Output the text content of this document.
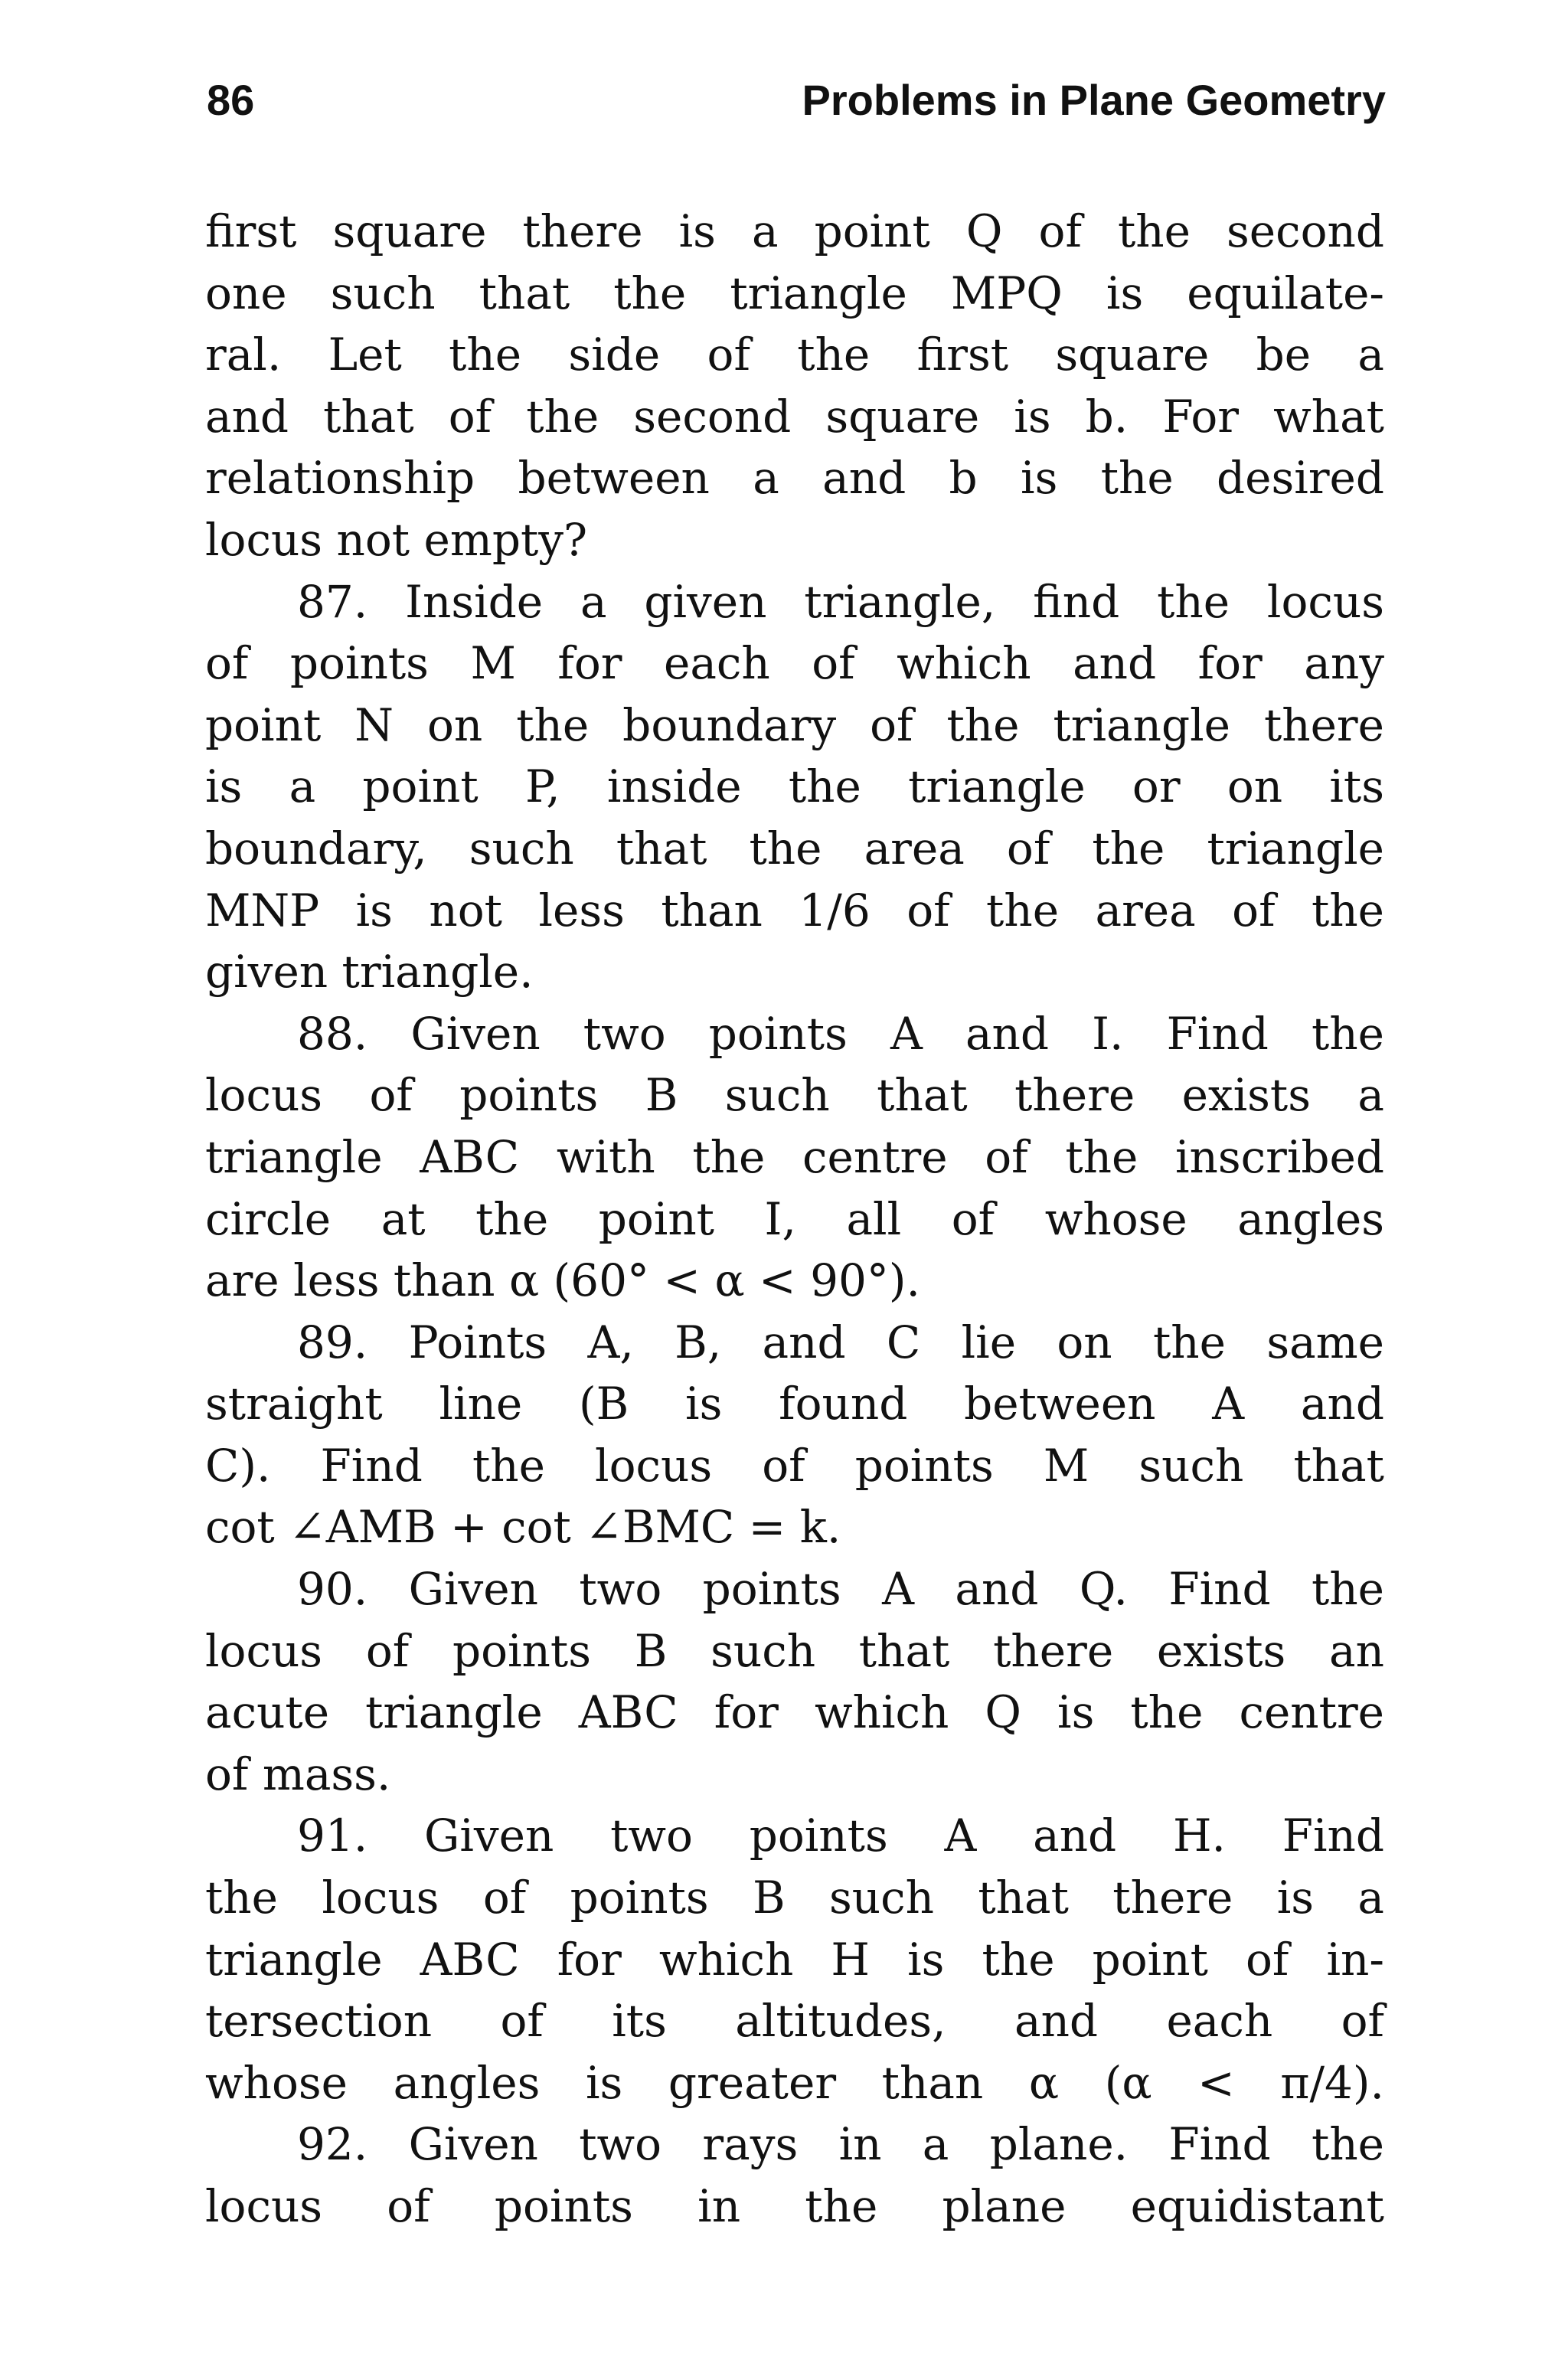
86	Problems in Plane Geometry
first square there is a point Q of the second
one such that the triangle MPQ is equilate-
ral. Let the side of the first square be a
and that of the second square is b. For what
relationship between a and b is the desired
locus not empty?
87. Inside a given triangle, find the locus
of points M for each of which and for any
point N on the boundary of the triangle there
is a point P, inside the triangle or on its
boundary, such that the area of the triangle
MNP is not less than 1/6 of the area of the
given triangle.
88. Given two points A and I. Find the
locus of points B such that there exists a
triangle ABC with the centre of the inscribed
circle at the point I, all of whose angles
are less than α (60° < α < 90°).
89. Points A, B, and C lie on the same
straight line (B is found between A and
C). Find the locus of points M such that
cot ∠AMB + cot ∠BMC = k.
90. Given two points A and Q. Find the
locus of points B such that there exists an
acute triangle ABC for which Q is the centre
of mass.
91. Given two points A and H. Find
the locus of points B such that there is a
triangle ABC for which H is the point of in-
tersection of its altitudes, and each of
whose angles is greater than α (α < π/4).
92. Given two rays in a plane. Find the
locus of points in the plane equidistant
